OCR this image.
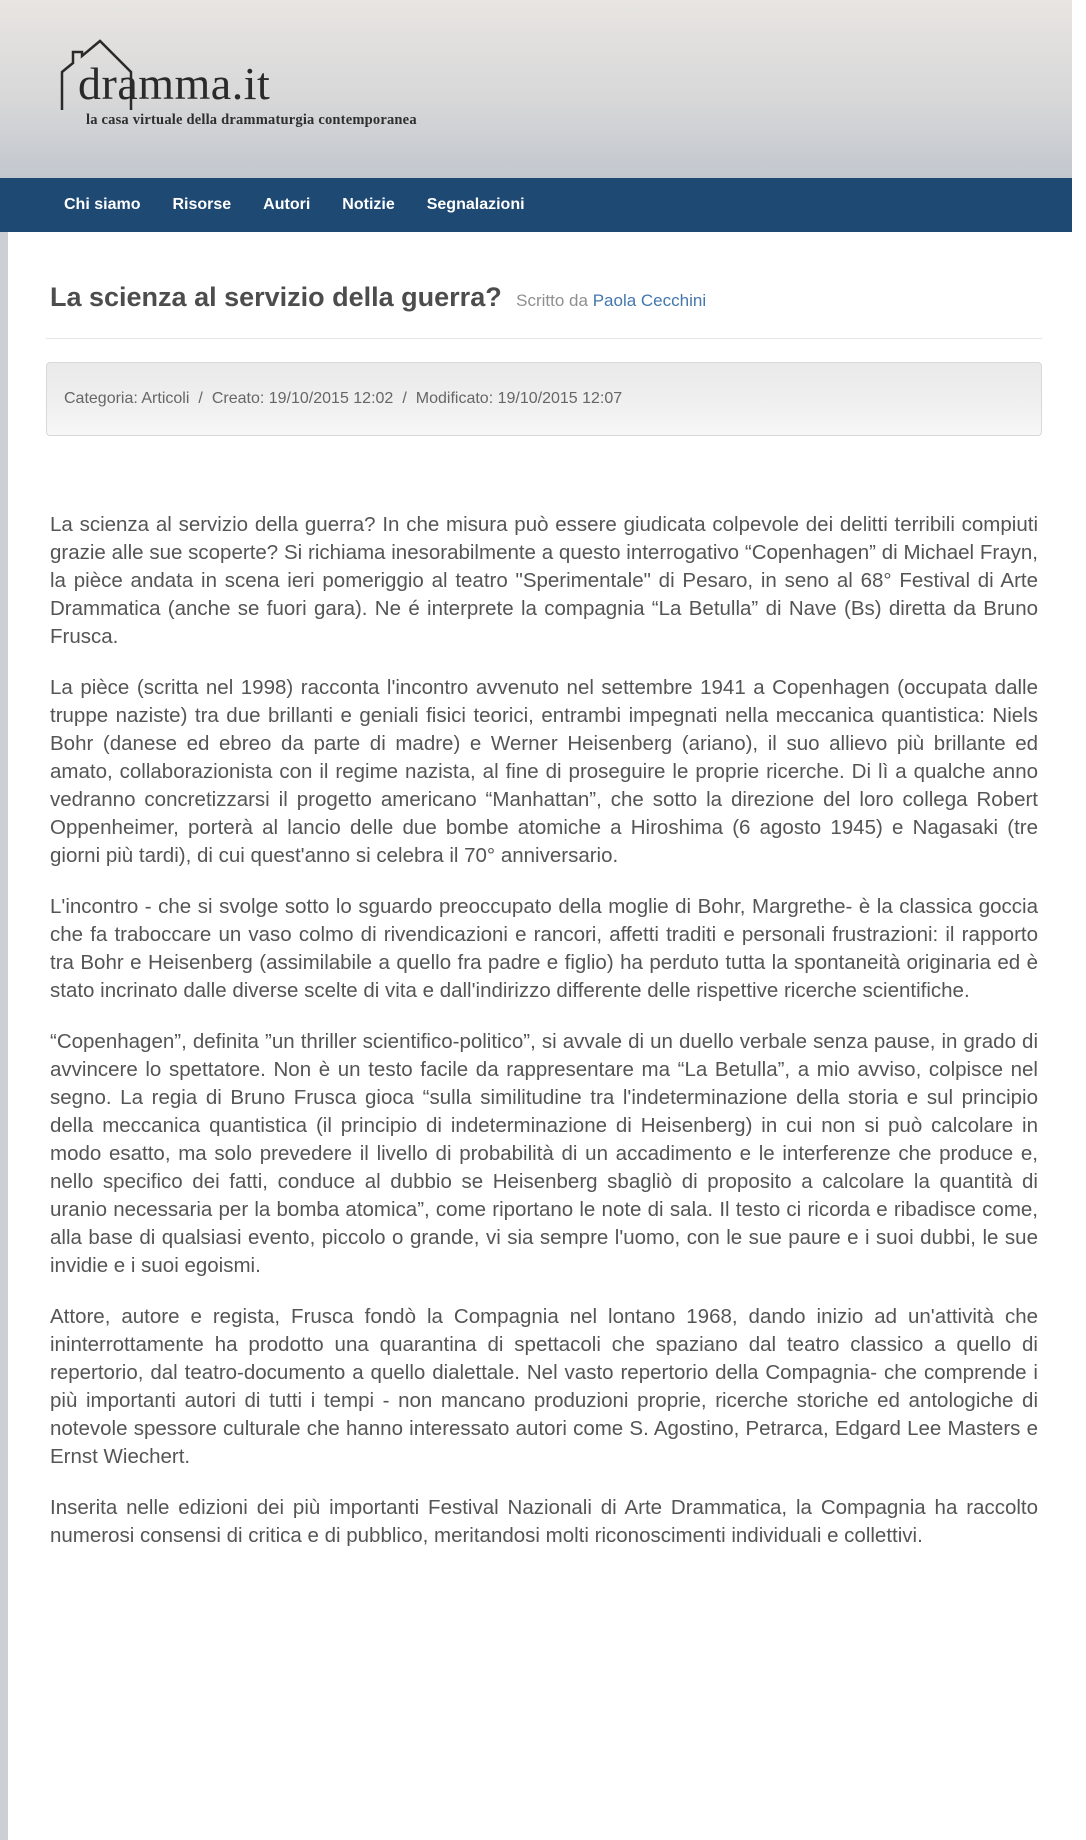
dramma.it
la casa virtuale della drammaturgia contemporanea
Chi siamo	Risorse	Autori	Notizie	Segnalazioni
La scienza al servizio della guerra? Scritto da Paola Cecchini
Categoria: Articoli / Creato: 19/10/2015 12:02 / Modificato: 19/10/2015 12:07

La scienza al servizio della guerra? In che misura può essere giudicata colpevole dei delitti terribili compiuti grazie alle sue scoperte? Si richiama inesorabilmente a questo interrogativo “Copenhagen” di Michael Frayn, la pièce andata in scena ieri pomeriggio al teatro "Sperimentale" di Pesaro, in seno al 68° Festival di Arte Drammatica (anche se fuori gara). Ne é interprete la compagnia “La Betulla” di Nave (Bs) diretta da Bruno Frusca.

La pièce (scritta nel 1998) racconta l'incontro avvenuto nel settembre 1941 a Copenhagen (occupata dalle truppe naziste) tra due brillanti e geniali fisici teorici, entrambi impegnati nella meccanica quantistica: Niels Bohr (danese ed ebreo da parte di madre) e Werner Heisenberg (ariano), il suo allievo più brillante ed amato, collaborazionista con il regime nazista, al fine di proseguire le proprie ricerche. Di lì a qualche anno vedranno concretizzarsi il progetto americano “Manhattan”, che sotto la direzione del loro collega Robert Oppenheimer, porterà al lancio delle due bombe atomiche a Hiroshima (6 agosto 1945) e Nagasaki (tre giorni più tardi), di cui quest'anno si celebra il 70° anniversario.

L'incontro - che si svolge sotto lo sguardo preoccupato della moglie di Bohr, Margrethe- è la classica goccia che fa traboccare un vaso colmo di rivendicazioni e rancori, affetti traditi e personali frustrazioni: il rapporto tra Bohr e Heisenberg (assimilabile a quello fra padre e figlio) ha perduto tutta la spontaneità originaria ed è stato incrinato dalle diverse scelte di vita e dall'indirizzo differente delle rispettive ricerche scientifiche.

“Copenhagen”, definita ”un thriller scientifico-politico”, si avvale di un duello verbale senza pause, in grado di avvincere lo spettatore. Non è un testo facile da rappresentare ma “La Betulla”, a mio avviso, colpisce nel segno. La regia di Bruno Frusca gioca “sulla similitudine tra l'indeterminazione della storia e sul principio della meccanica quantistica (il principio di indeterminazione di Heisenberg) in cui non si può calcolare in modo esatto, ma solo prevedere il livello di probabilità di un accadimento e le interferenze che produce e, nello specifico dei fatti, conduce al dubbio se Heisenberg sbagliò di proposito a calcolare la quantità di uranio necessaria per la bomba atomica”, come riportano le note di sala. Il testo ci ricorda e ribadisce come, alla base di qualsiasi evento, piccolo o grande, vi sia sempre l'uomo, con le sue paure e i suoi dubbi, le sue invidie e i suoi egoismi.

Attore, autore e regista, Frusca fondò la Compagnia nel lontano 1968, dando inizio ad un'attività che ininterrottamente ha prodotto una quarantina di spettacoli che spaziano dal teatro classico a quello di repertorio, dal teatro-documento a quello dialettale. Nel vasto repertorio della Compagnia- che comprende i più importanti autori di tutti i tempi - non mancano produzioni proprie, ricerche storiche ed antologiche di notevole spessore culturale che hanno interessato autori come S. Agostino, Petrarca, Edgard Lee Masters e Ernst Wiechert.

Inserita nelle edizioni dei più importanti Festival Nazionali di Arte Drammatica, la Compagnia ha raccolto numerosi consensi di critica e di pubblico, meritandosi molti riconoscimenti individuali e collettivi.
